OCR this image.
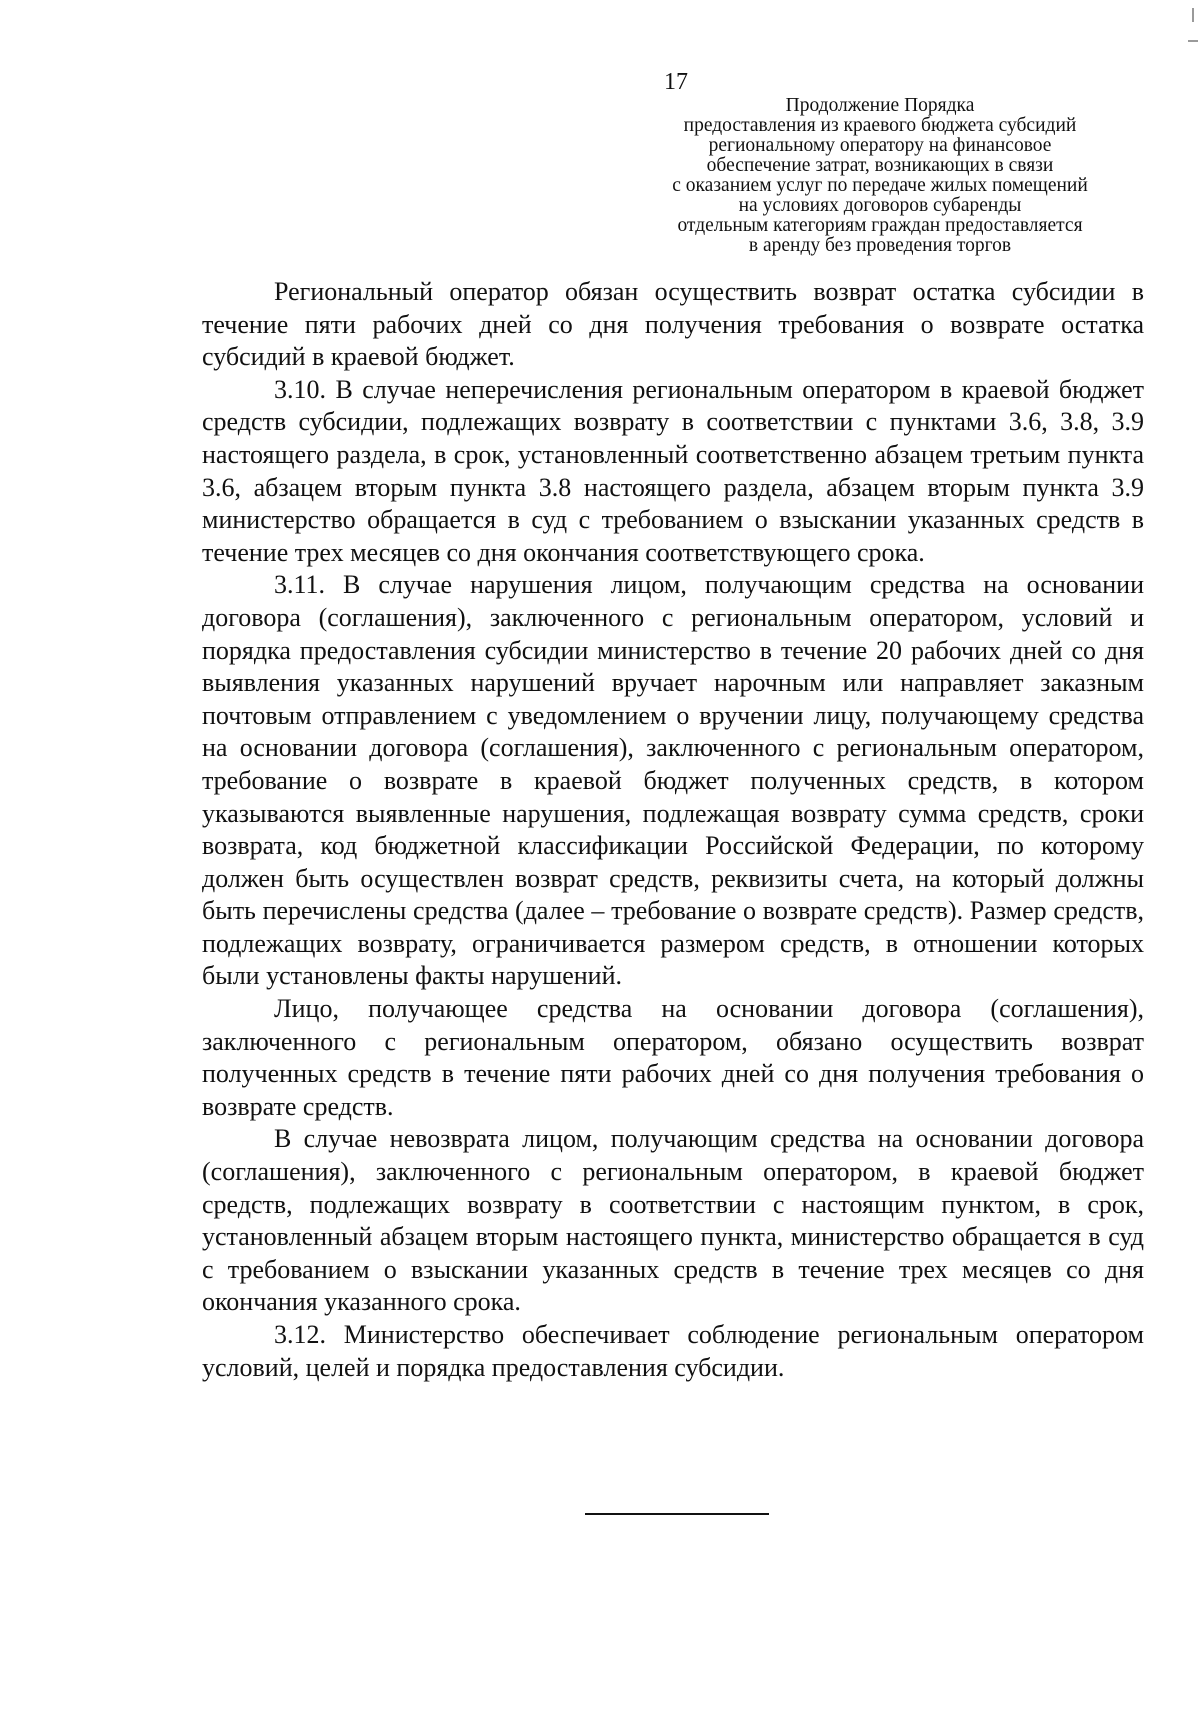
17
Продолжение Порядка
предоставления из краевого бюджета субсидий
региональному оператору на финансовое
обеспечение затрат, возникающих в связи
с оказанием услуг по передаче жилых помещений
на условиях договоров субаренды
отдельным категориям граждан предоставляется
в аренду без проведения торгов

Региональный оператор обязан осуществить возврат остатка субсидии в течение пяти рабочих дней со дня получения требования о возврате остатка субсидий в краевой бюджет.

3.10. В случае неперечисления региональным оператором в краевой бюджет средств субсидии, подлежащих возврату в соответствии с пунктами 3.6, 3.8, 3.9 настоящего раздела, в срок, установленный соответственно абзацем третьим пункта 3.6, абзацем вторым пункта 3.8 настоящего раздела, абзацем вторым пункта 3.9 министерство обращается в суд с требованием о взыскании указанных средств в течение трех месяцев со дня окончания соответствующего срока.

3.11. В случае нарушения лицом, получающим средства на основании договора (соглашения), заключенного с региональным оператором, условий и порядка предоставления субсидии министерство в течение 20 рабочих дней со дня выявления указанных нарушений вручает нарочным или направляет заказным почтовым отправлением с уведомлением о вручении лицу, получающему средства на основании договора (соглашения), заключенного с региональным оператором, требование о возврате в краевой бюджет полученных средств, в котором указываются выявленные нарушения, подлежащая возврату сумма средств, сроки возврата, код бюджетной классификации Российской Федерации, по которому должен быть осуществлен возврат средств, реквизиты счета, на который должны быть перечислены средства (далее – требование о возврате средств). Размер средств, подлежащих возврату, ограничивается размером средств, в отношении которых были установлены факты нарушений.

Лицо, получающее средства на основании договора (соглашения), заключенного с региональным оператором, обязано осуществить возврат полученных средств в течение пяти рабочих дней со дня получения требования о возврате средств.

В случае невозврата лицом, получающим средства на основании договора (соглашения), заключенного с региональным оператором, в краевой бюджет средств, подлежащих возврату в соответствии с настоящим пунктом, в срок, установленный абзацем вторым настоящего пункта, министерство обращается в суд с требованием о взыскании указанных средств в течение трех месяцев со дня окончания указанного срока.

3.12. Министерство обеспечивает соблюдение региональным оператором условий, целей и порядка предоставления субсидии.
